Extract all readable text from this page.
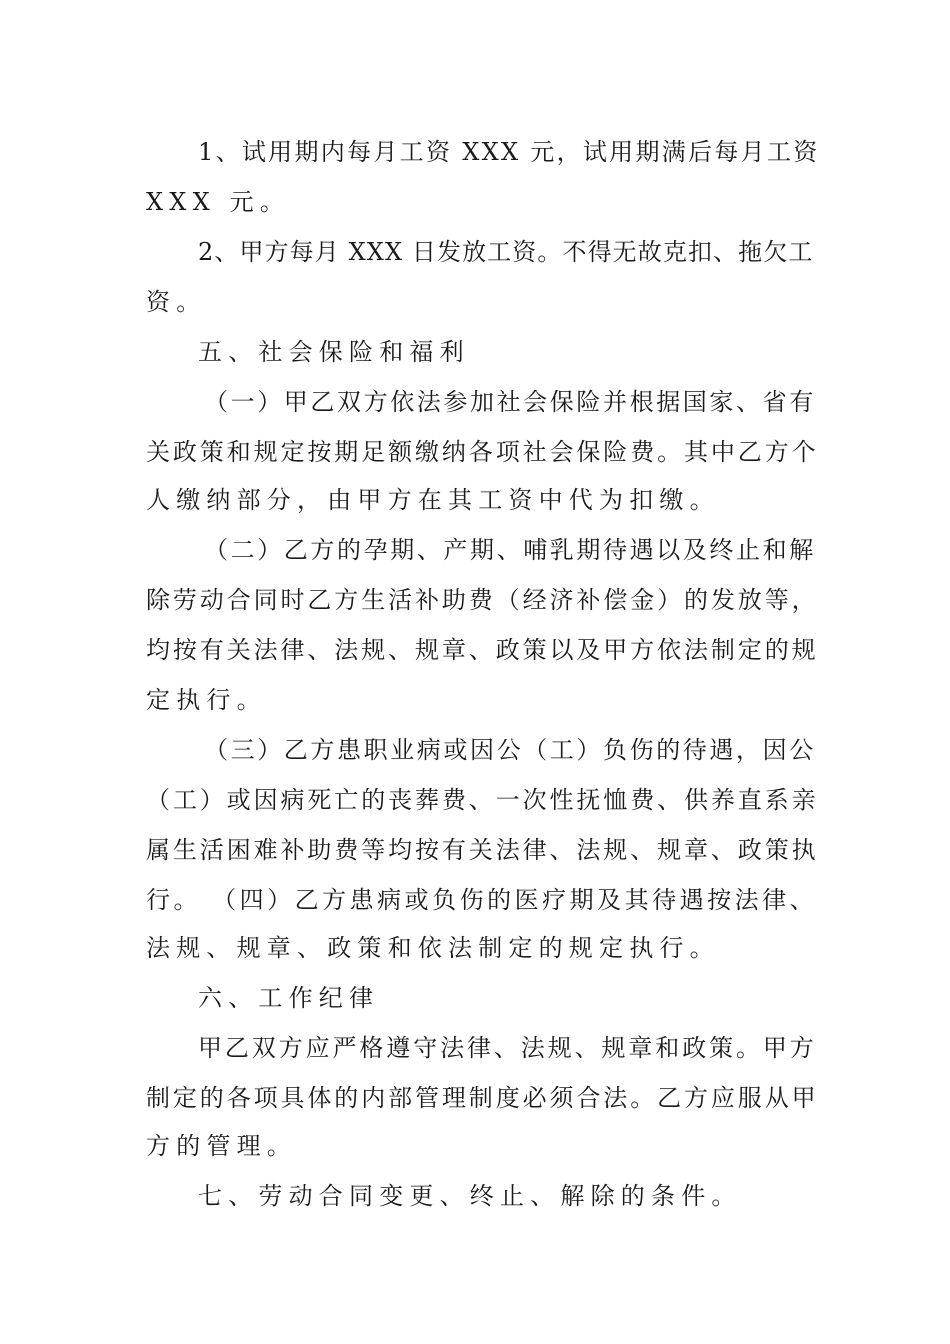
1、试用期内每月工资 XXX 元，试用期满后每月工资
XXX 元。
2、甲方每月 XXX 日发放工资。不得无故克扣、拖欠工
资。
五、社会保险和福利
（一）甲乙双方依法参加社会保险并根据国家、省有
关政策和规定按期足额缴纳各项社会保险费。其中乙方个
人缴纳部分，由甲方在其工资中代为扣缴。
（二）乙方的孕期、产期、哺乳期待遇以及终止和解
除劳动合同时乙方生活补助费（经济补偿金）的发放等，
均按有关法律、法规、规章、政策以及甲方依法制定的规
定执行。
（三）乙方患职业病或因公（工）负伤的待遇，因公
（工）或因病死亡的丧葬费、一次性抚恤费、供养直系亲
属生活困难补助费等均按有关法律、法规、规章、政策执
行。 （四）乙方患病或负伤的医疗期及其待遇按法律、
法规、规章、政策和依法制定的规定执行。
六、工作纪律
甲乙双方应严格遵守法律、法规、规章和政策。甲方
制定的各项具体的内部管理制度必须合法。乙方应服从甲
方的管理。
七、劳动合同变更、终止、解除的条件。
